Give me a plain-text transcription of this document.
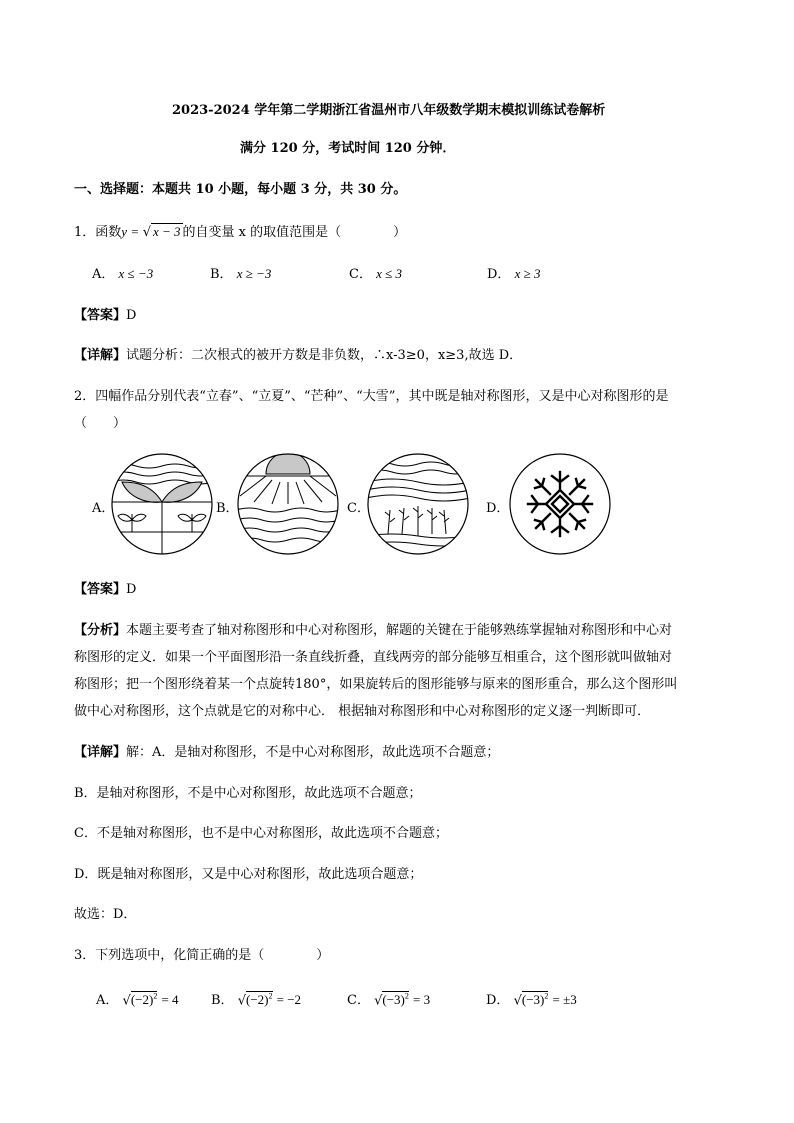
2023-2024 学年第二学期浙江省温州市八年级数学期末模拟训练试卷解析
满分 120 分，考试时间 120 分钟．
一、选择题：本题共 10 小题，每小题 3 分，共 30 分。
1．函数y = √ x − 3 的自变量 x 的取值范围是（　　　　）
A． x ≤ −3	B． x ≥ −3	C． x ≤ 3	D． x ≥ 3
【答案】D
【详解】试题分析：二次根式的被开方数是非负数，∴x-3≥0，x≥3,故选 D．
2．四幅作品分别代表“立春”、“立夏”、“芒种”、“大雪”，其中既是轴对称图形，又是中心对称图形的是
（　　）
A．	B．	C．	D．
【答案】D
【分析】本题主要考查了轴对称图形和中心对称图形，解题的关键在于能够熟练掌握轴对称图形和中心对
称图形的定义．如果一个平面图形沿一条直线折叠，直线两旁的部分能够互相重合，这个图形就叫做轴对
称图形；把一个图形绕着某一个点旋转180°，如果旋转后的图形能够与原来的图形重合，那么这个图形叫
做中心对称图形，这个点就是它的对称中心． 根据轴对称图形和中心对称图形的定义逐一判断即可．
【详解】解：A．是轴对称图形，不是中心对称图形，故此选项不合题意；
B．是轴对称图形，不是中心对称图形，故此选项不合题意；
C．不是轴对称图形，也不是中心对称图形，故此选项不合题意；
D．既是轴对称图形，又是中心对称图形，故此选项合题意；
故选：D．
3．下列选项中，化简正确的是（　　　　）
A． $√(-2)^2 = 4$ B． $√(-2)^2 = -2$	C． $√(-3)^2 = 3$	D． $√(-3)^2 = \pm 3$
